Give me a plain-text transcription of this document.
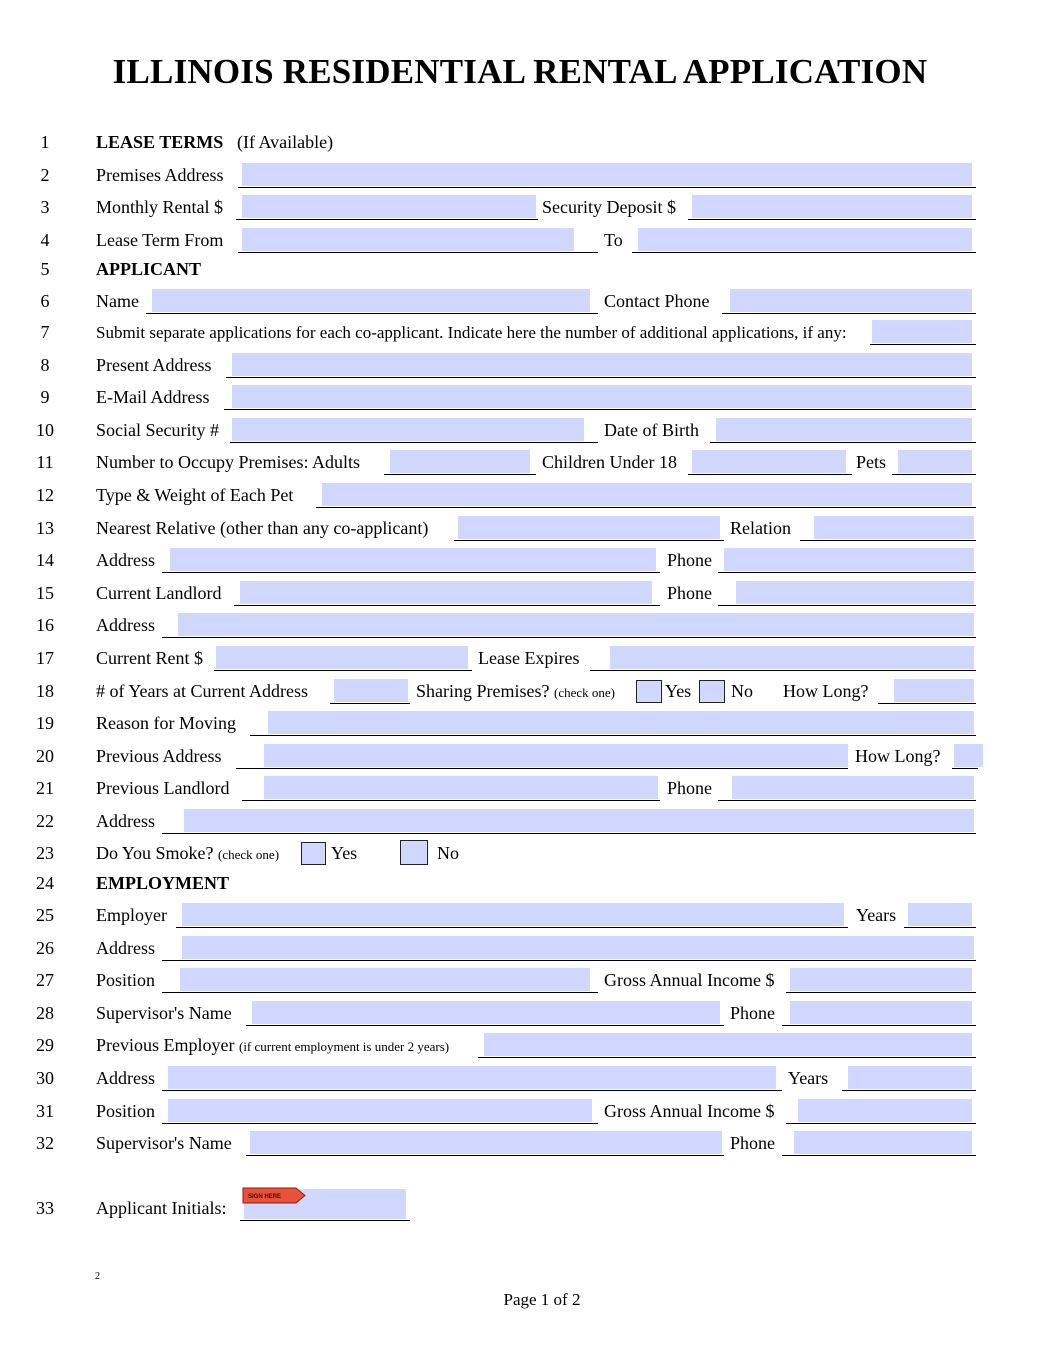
ILLINOIS RESIDENTIAL RENTAL APPLICATION
1	LEASE TERMS (If Available)
2	Premises Address
3	Monthly Rental $	Security Deposit $
4	Lease Term From	To
5	APPLICANT
6	Name	Contact Phone
7	Submit separate applications for each co-applicant. Indicate here the number of additional applications, if any:
8	Present Address
9	E-Mail Address
10	Social Security #	Date of Birth
11	Number to Occupy Premises: Adults	Children Under 18	Pets
12	Type & Weight of Each Pet
13	Nearest Relative (other than any co-applicant)	Relation
14	Address	Phone
15	Current Landlord	Phone
16	Address
17	Current Rent $	Lease Expires
18	# of Years at Current Address	Sharing Premises? (check one)	Yes No How Long?
19	Reason for Moving
20	Previous Address	How Long?
21	Previous Landlord	Phone
22	Address
23	Do You Smoke? (check one)	Yes	No
24	EMPLOYMENT
25	Employer	Years
26	Address
27	Position	Gross Annual Income $
28	Supervisor's Name	Phone
29	Previous Employer (if current employment is under 2 years)
30	Address	Years
31	Position	Gross Annual Income $
32	Supervisor's Name	Phone
33	Applicant Initials:
SIGN HERE
2
Page 1 of 2
